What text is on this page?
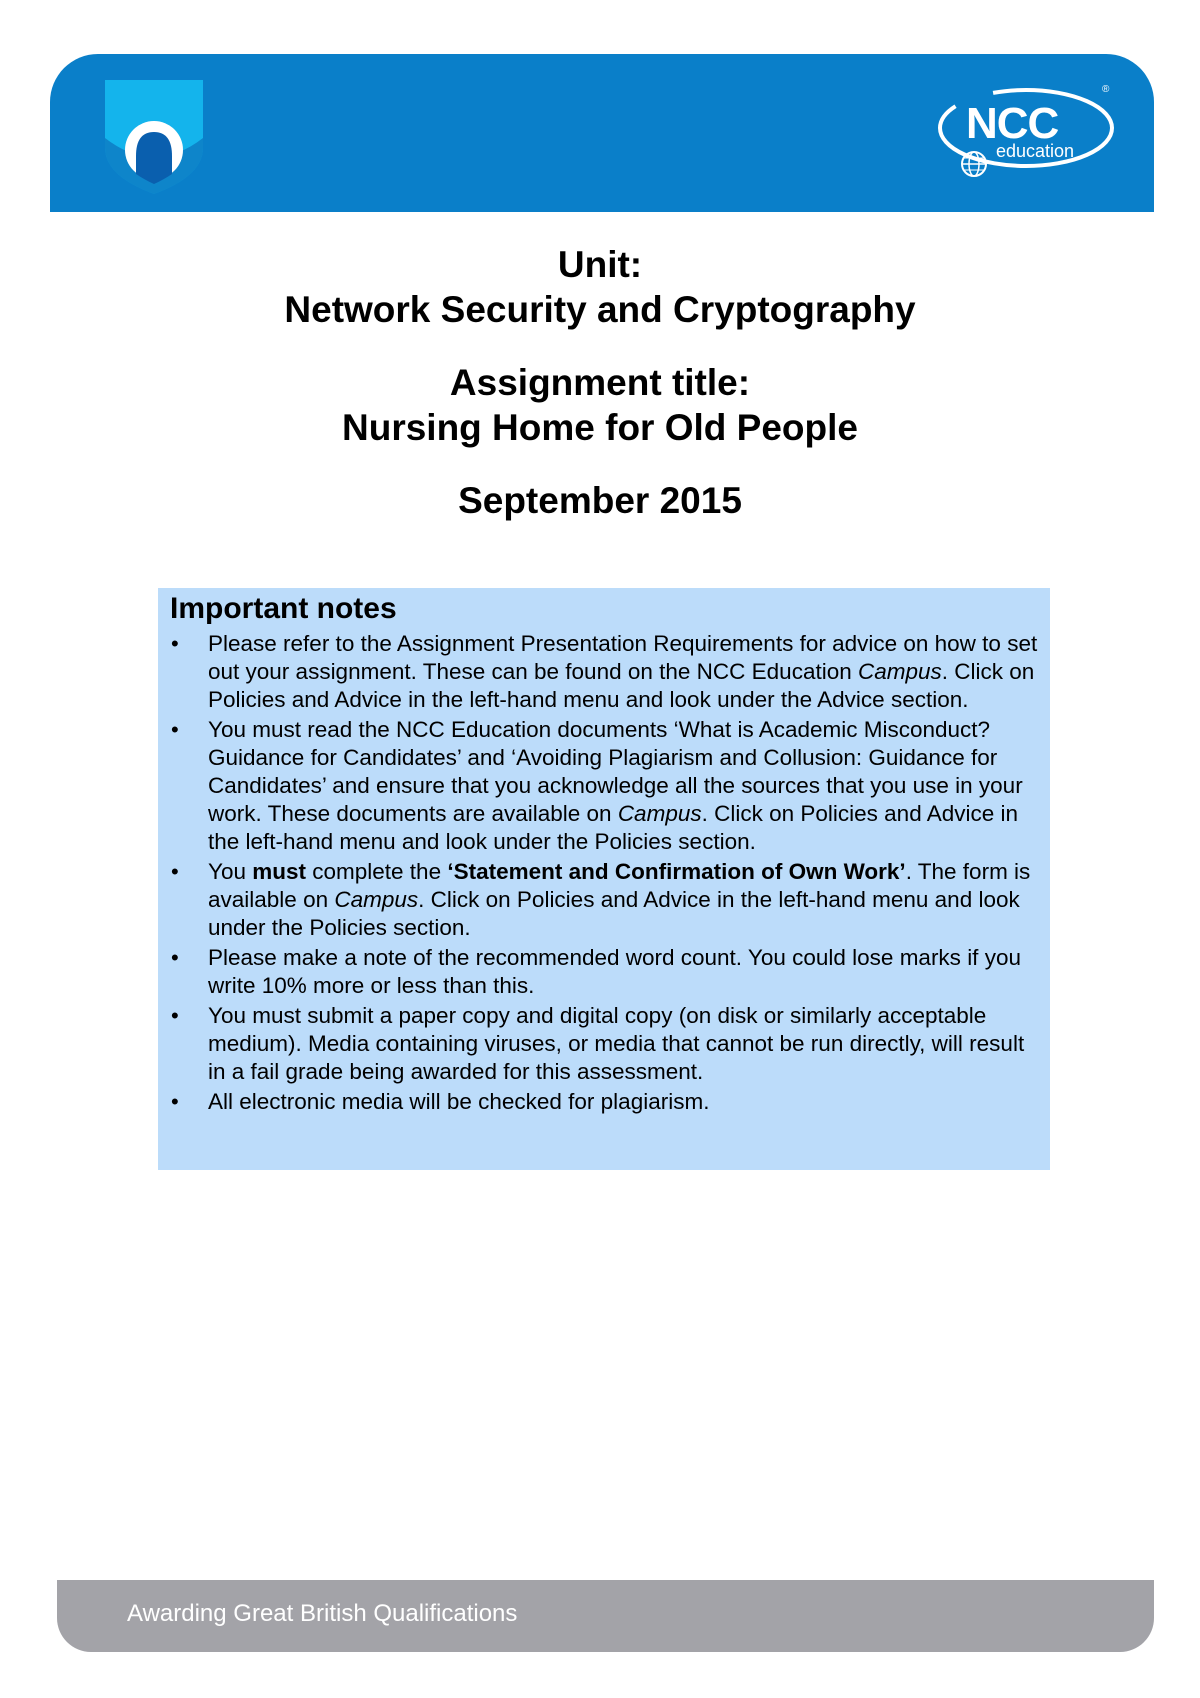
NCC
education
®
Unit:
Network Security and Cryptography
Assignment title:
Nursing Home for Old People
September 2015
Important notes
• Please refer to the Assignment Presentation Requirements for advice on how to set out your assignment. These can be found on the NCC Education Campus. Click on Policies and Advice in the left-hand menu and look under the Advice section.
• You must read the NCC Education documents ‘What is Academic Misconduct? Guidance for Candidates’ and ‘Avoiding Plagiarism and Collusion: Guidance for Candidates’ and ensure that you acknowledge all the sources that you use in your work. These documents are available on Campus. Click on Policies and Advice in the left-hand menu and look under the Policies section.
• You must complete the ‘Statement and Confirmation of Own Work’. The form is available on Campus. Click on Policies and Advice in the left-hand menu and look under the Policies section.
• Please make a note of the recommended word count. You could lose marks if you write 10% more or less than this.
• You must submit a paper copy and digital copy (on disk or similarly acceptable medium). Media containing viruses, or media that cannot be run directly, will result in a fail grade being awarded for this assessment.
• All electronic media will be checked for plagiarism.
Awarding Great British Qualifications
